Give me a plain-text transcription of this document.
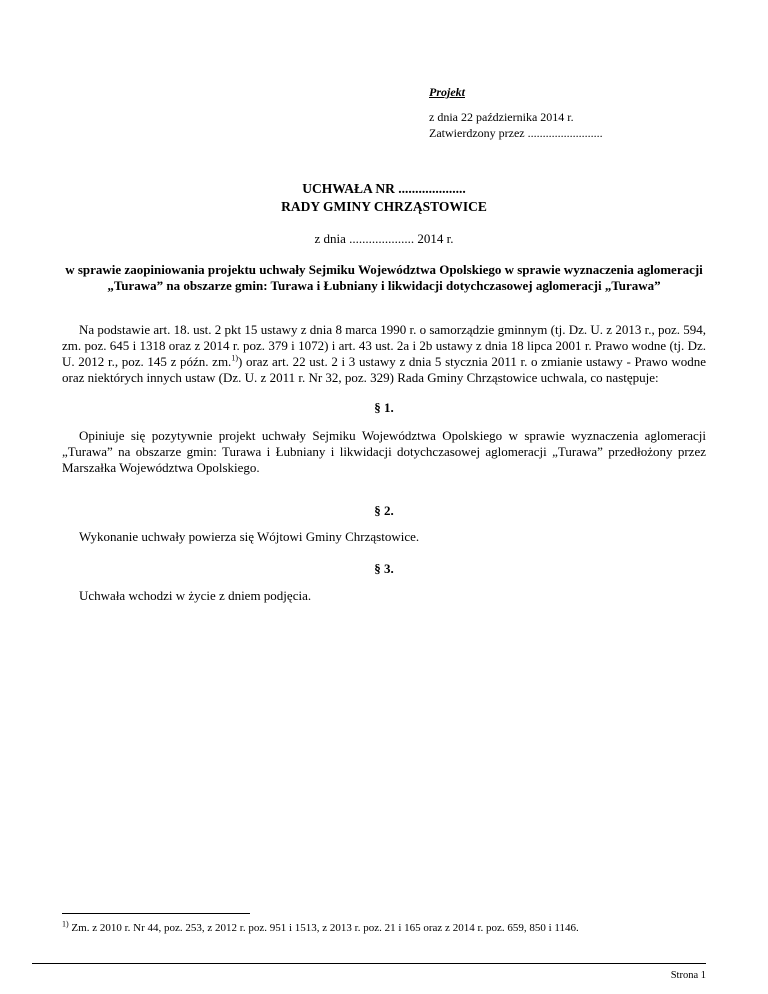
Projekt
z dnia 22 października 2014 r.
Zatwierdzony przez .........................
UCHWAŁA NR ....................
RADY GMINY CHRZĄSTOWICE
z dnia .................... 2014 r.
w sprawie zaopiniowania projektu uchwały Sejmiku Województwa Opolskiego w sprawie wyznaczenia aglomeracji „Turawa” na obszarze gmin: Turawa i Łubniany i likwidacji dotychczasowej aglomeracji „Turawa”
Na podstawie art. 18. ust. 2 pkt 15 ustawy z dnia 8 marca 1990 r. o samorządzie gminnym (tj. Dz. U. z 2013 r., poz. 594, zm. poz. 645 i 1318 oraz z 2014 r. poz. 379 i 1072) i art. 43 ust. 2a i 2b ustawy z dnia 18 lipca 2001 r. Prawo wodne (tj. Dz. U. 2012 r., poz. 145 z późn. zm.$^{1)}$) oraz art. 22 ust. 2 i 3 ustawy z dnia 5 stycznia 2011 r. o zmianie ustawy - Prawo wodne oraz niektórych innych ustaw (Dz. U. z 2011 r. Nr 32, poz. 329) Rada Gminy Chrząstowice uchwala, co następuje:
§ 1.
Opiniuje się pozytywnie projekt uchwały Sejmiku Województwa Opolskiego w sprawie wyznaczenia aglomeracji „Turawa” na obszarze gmin: Turawa i Łubniany i likwidacji dotychczasowej aglomeracji „Turawa” przedłożony przez Marszałka Województwa Opolskiego.
§ 2.
Wykonanie uchwały powierza się Wójtowi Gminy Chrząstowice.
§ 3.
Uchwała wchodzi w życie z dniem podjęcia.
$^{1)}$ Zm. z 2010 r. Nr 44, poz. 253, z 2012 r. poz. 951 i 1513, z 2013 r. poz. 21 i 165 oraz z 2014 r. poz. 659, 850 i 1146.
Strona 1
